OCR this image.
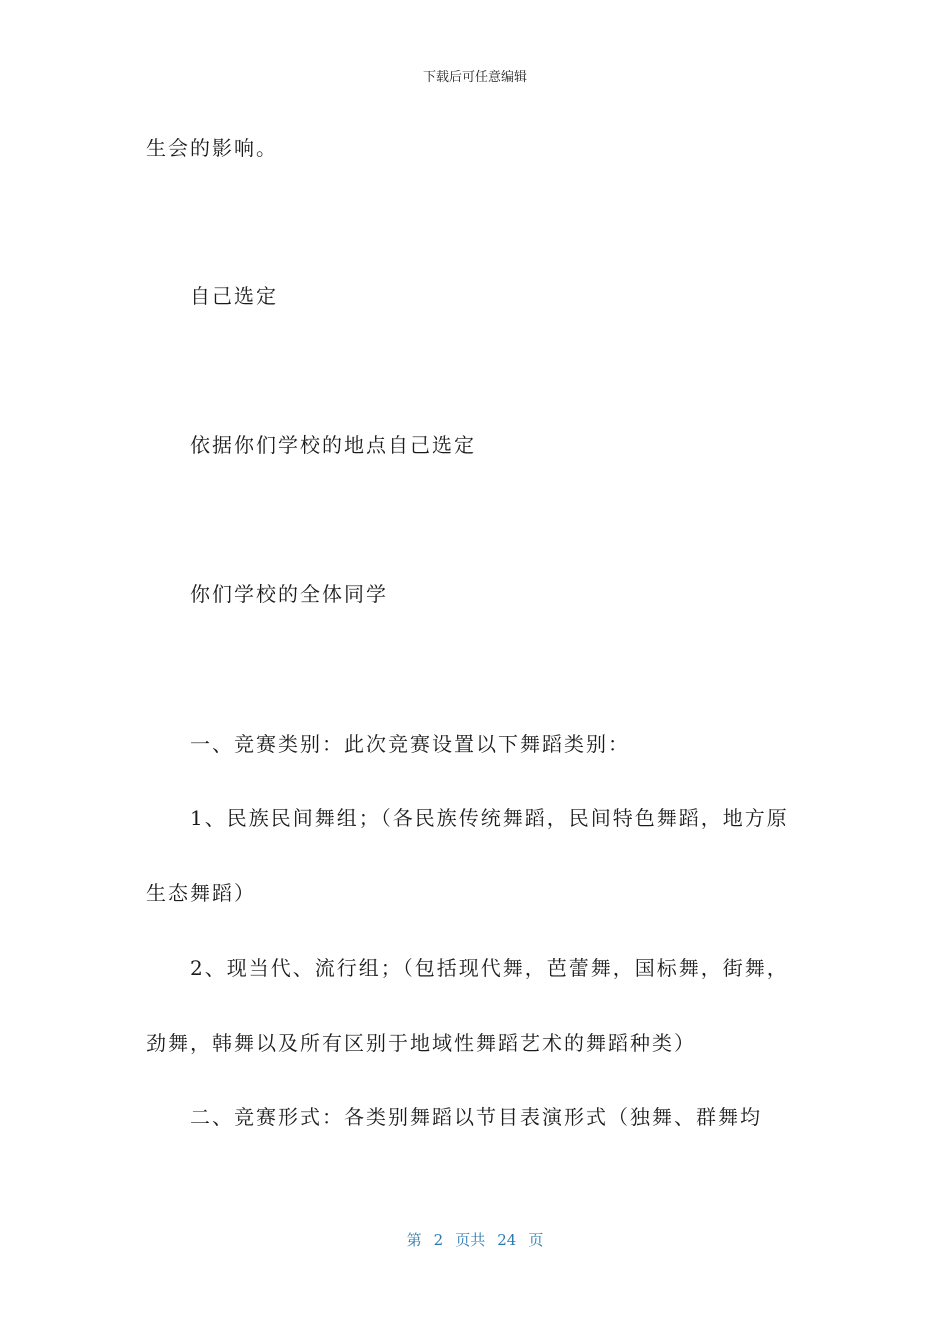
下载后可任意编辑
生会的影响。
自己选定
依据你们学校的地点自己选定
你们学校的全体同学
一、竞赛类别：此次竞赛设置以下舞蹈类别：
1、民族民间舞组；（各民族传统舞蹈，民间特色舞蹈，地方原
生态舞蹈）
2、现当代、流行组；（包括现代舞，芭蕾舞，国标舞，街舞，
劲舞，韩舞以及所有区别于地域性舞蹈艺术的舞蹈种类）
二、竞赛形式：各类别舞蹈以节目表演形式（独舞、群舞均
第 2 页共 24 页
